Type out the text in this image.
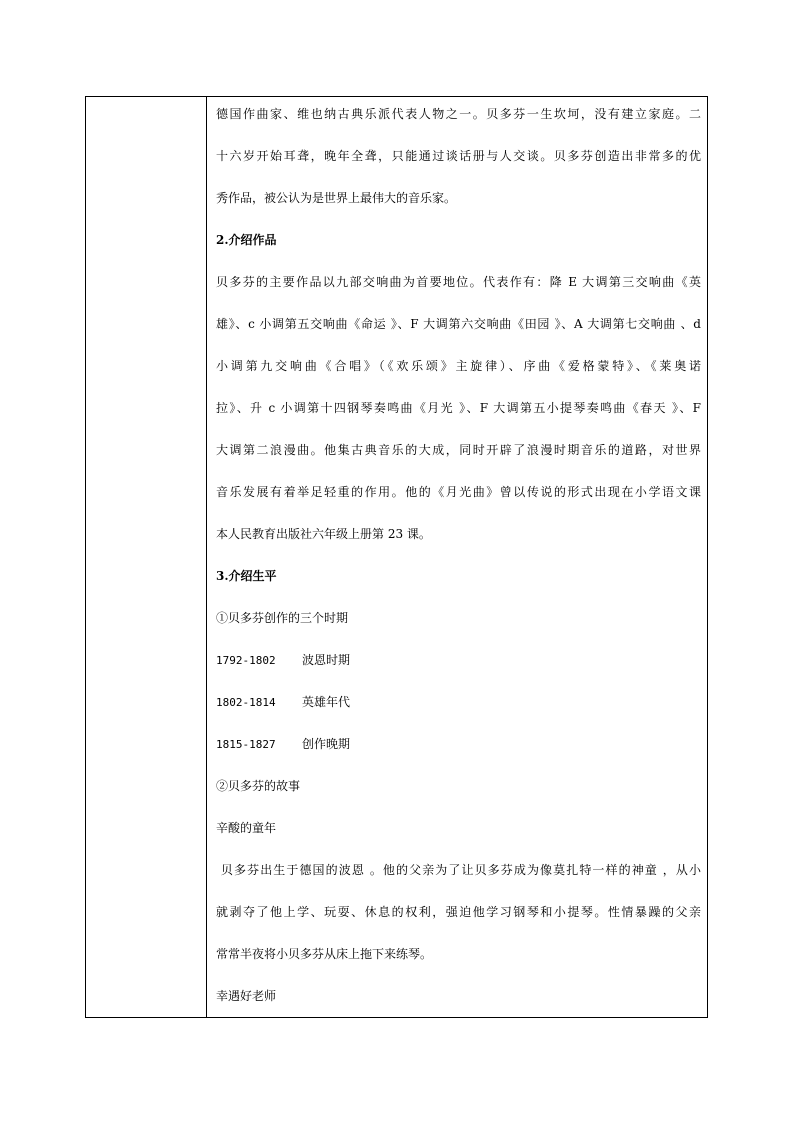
德国作曲家、维也纳古典乐派代表人物之一。贝多芬一生坎坷，没有建立家庭。二
十六岁开始耳聋，晚年全聋，只能通过谈话册与人交谈。贝多芬创造出非常多的优
秀作品，被公认为是世界上最伟大的音乐家。
2.介绍作品
贝多芬的主要作品以九部交响曲为首要地位。代表作有：降 E 大调第三交响曲《英
雄》、c 小调第五交响曲《命运 》、F 大调第六交响曲《田园 》、A 大调第七交响曲 、d
小调第九交响曲《合唱》（《欢乐颂》主旋律）、序曲《爱格蒙特》、《莱奥诺
拉》、升 c 小调第十四钢琴奏鸣曲《月光 》、F 大调第五小提琴奏鸣曲《春天 》、F
大调第二浪漫曲。他集古典音乐的大成，同时开辟了浪漫时期音乐的道路，对世界
音乐发展有着举足轻重的作用。他的《月光曲》曾以传说的形式出现在小学语文课
本人民教育出版社六年级上册第 23 课。
3.介绍生平
①贝多芬创作的三个时期
1792-1802 波恩时期
1802-1814 英雄年代
1815-1827 创作晚期
②贝多芬的故事
辛酸的童年
贝多芬出生于德国的波恩 。他的父亲为了让贝多芬成为像莫扎特一样的神童 ，从小
就剥夺了他上学、玩耍、休息的权利，强迫他学习钢琴和小提琴。性情暴躁的父亲
常常半夜将小贝多芬从床上拖下来练琴。
幸遇好老师
